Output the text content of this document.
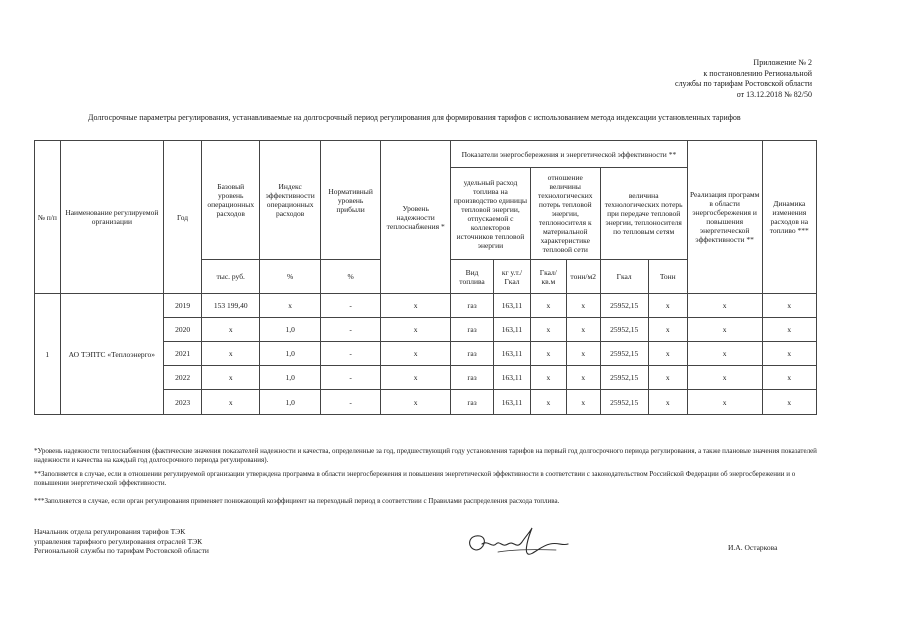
Приложение № 2
к постановлению Региональной
службы по тарифам Ростовской области
от 13.12.2018 № 82/50
Долгосрочные параметры регулирования, устанавливаемые на долгосрочный период регулирования для формирования тарифов с использованием метода индексации установленных тарифов
№ п/п	Наименование регулируемой организации	Год	Базовый уровень операционных расходов	Индекс эффективности операционных расходов	Нормативный уровень прибыли	Уровень надежности теплоснабжения *	Показатели энергосбережения и энергетической эффективности **						Реализация программ в области энергосбережения и повышения энергетической эффективности **	Динамика изменения расходов на топливо ***
							удельный расход топлива на производство единицы тепловой энергии, отпускаемой с коллекторов источников тепловой энергии		отношение величины технологических потерь тепловой энергии, теплоносителя к материальной характеристике тепловой сети		величина технологических потерь при передаче тепловой энергии, теплоносителя по тепловым сетям			
			тыс. руб.	%	%		Вид топлива	кг у.т./ Гкал	Гкал/ кв.м	тонн/м2	Гкал	Тонн		
1	АО ТЭПТС «Теплоэнерго»	2019	153 199,40	х	-	х	газ	163,11	х	х	25952,15	х	х	х
		2020	х	1,0	-	х	газ	163,11	х	х	25952,15	х	х	х
		2021	х	1,0	-	х	газ	163,11	х	х	25952,15	х	х	х
		2022	х	1,0	-	х	газ	163,11	х	х	25952,15	х	х	х
		2023	х	1,0	-	х	газ	163,11	х	х	25952,15	х	х	х
*Уровень надежности теплоснабжения (фактические значения показателей надежности и качества, определенные за год, предшествующий году установления тарифов на первый год долгосрочного периода регулирования, а также плановые значения показателей надежности и качества на каждый год долгосрочного периода регулирования).
**Заполняется в случае, если в отношении регулируемой организации утверждена программа в области энергосбережения и повышения энергетической эффективности в соответствии с законодательством Российской Федерации об энергосбережении и о повышении энергетической эффективности.
***Заполняется в случае, если орган регулирования применяет понижающий коэффициент на переходный период в соответствии с Правилами распределения расхода топлива.
Начальник отдела регулирования тарифов ТЭК
управления тарифного регулирования отраслей ТЭК
Региональной службы по тарифам Ростовской области	И.А. Остаркова
